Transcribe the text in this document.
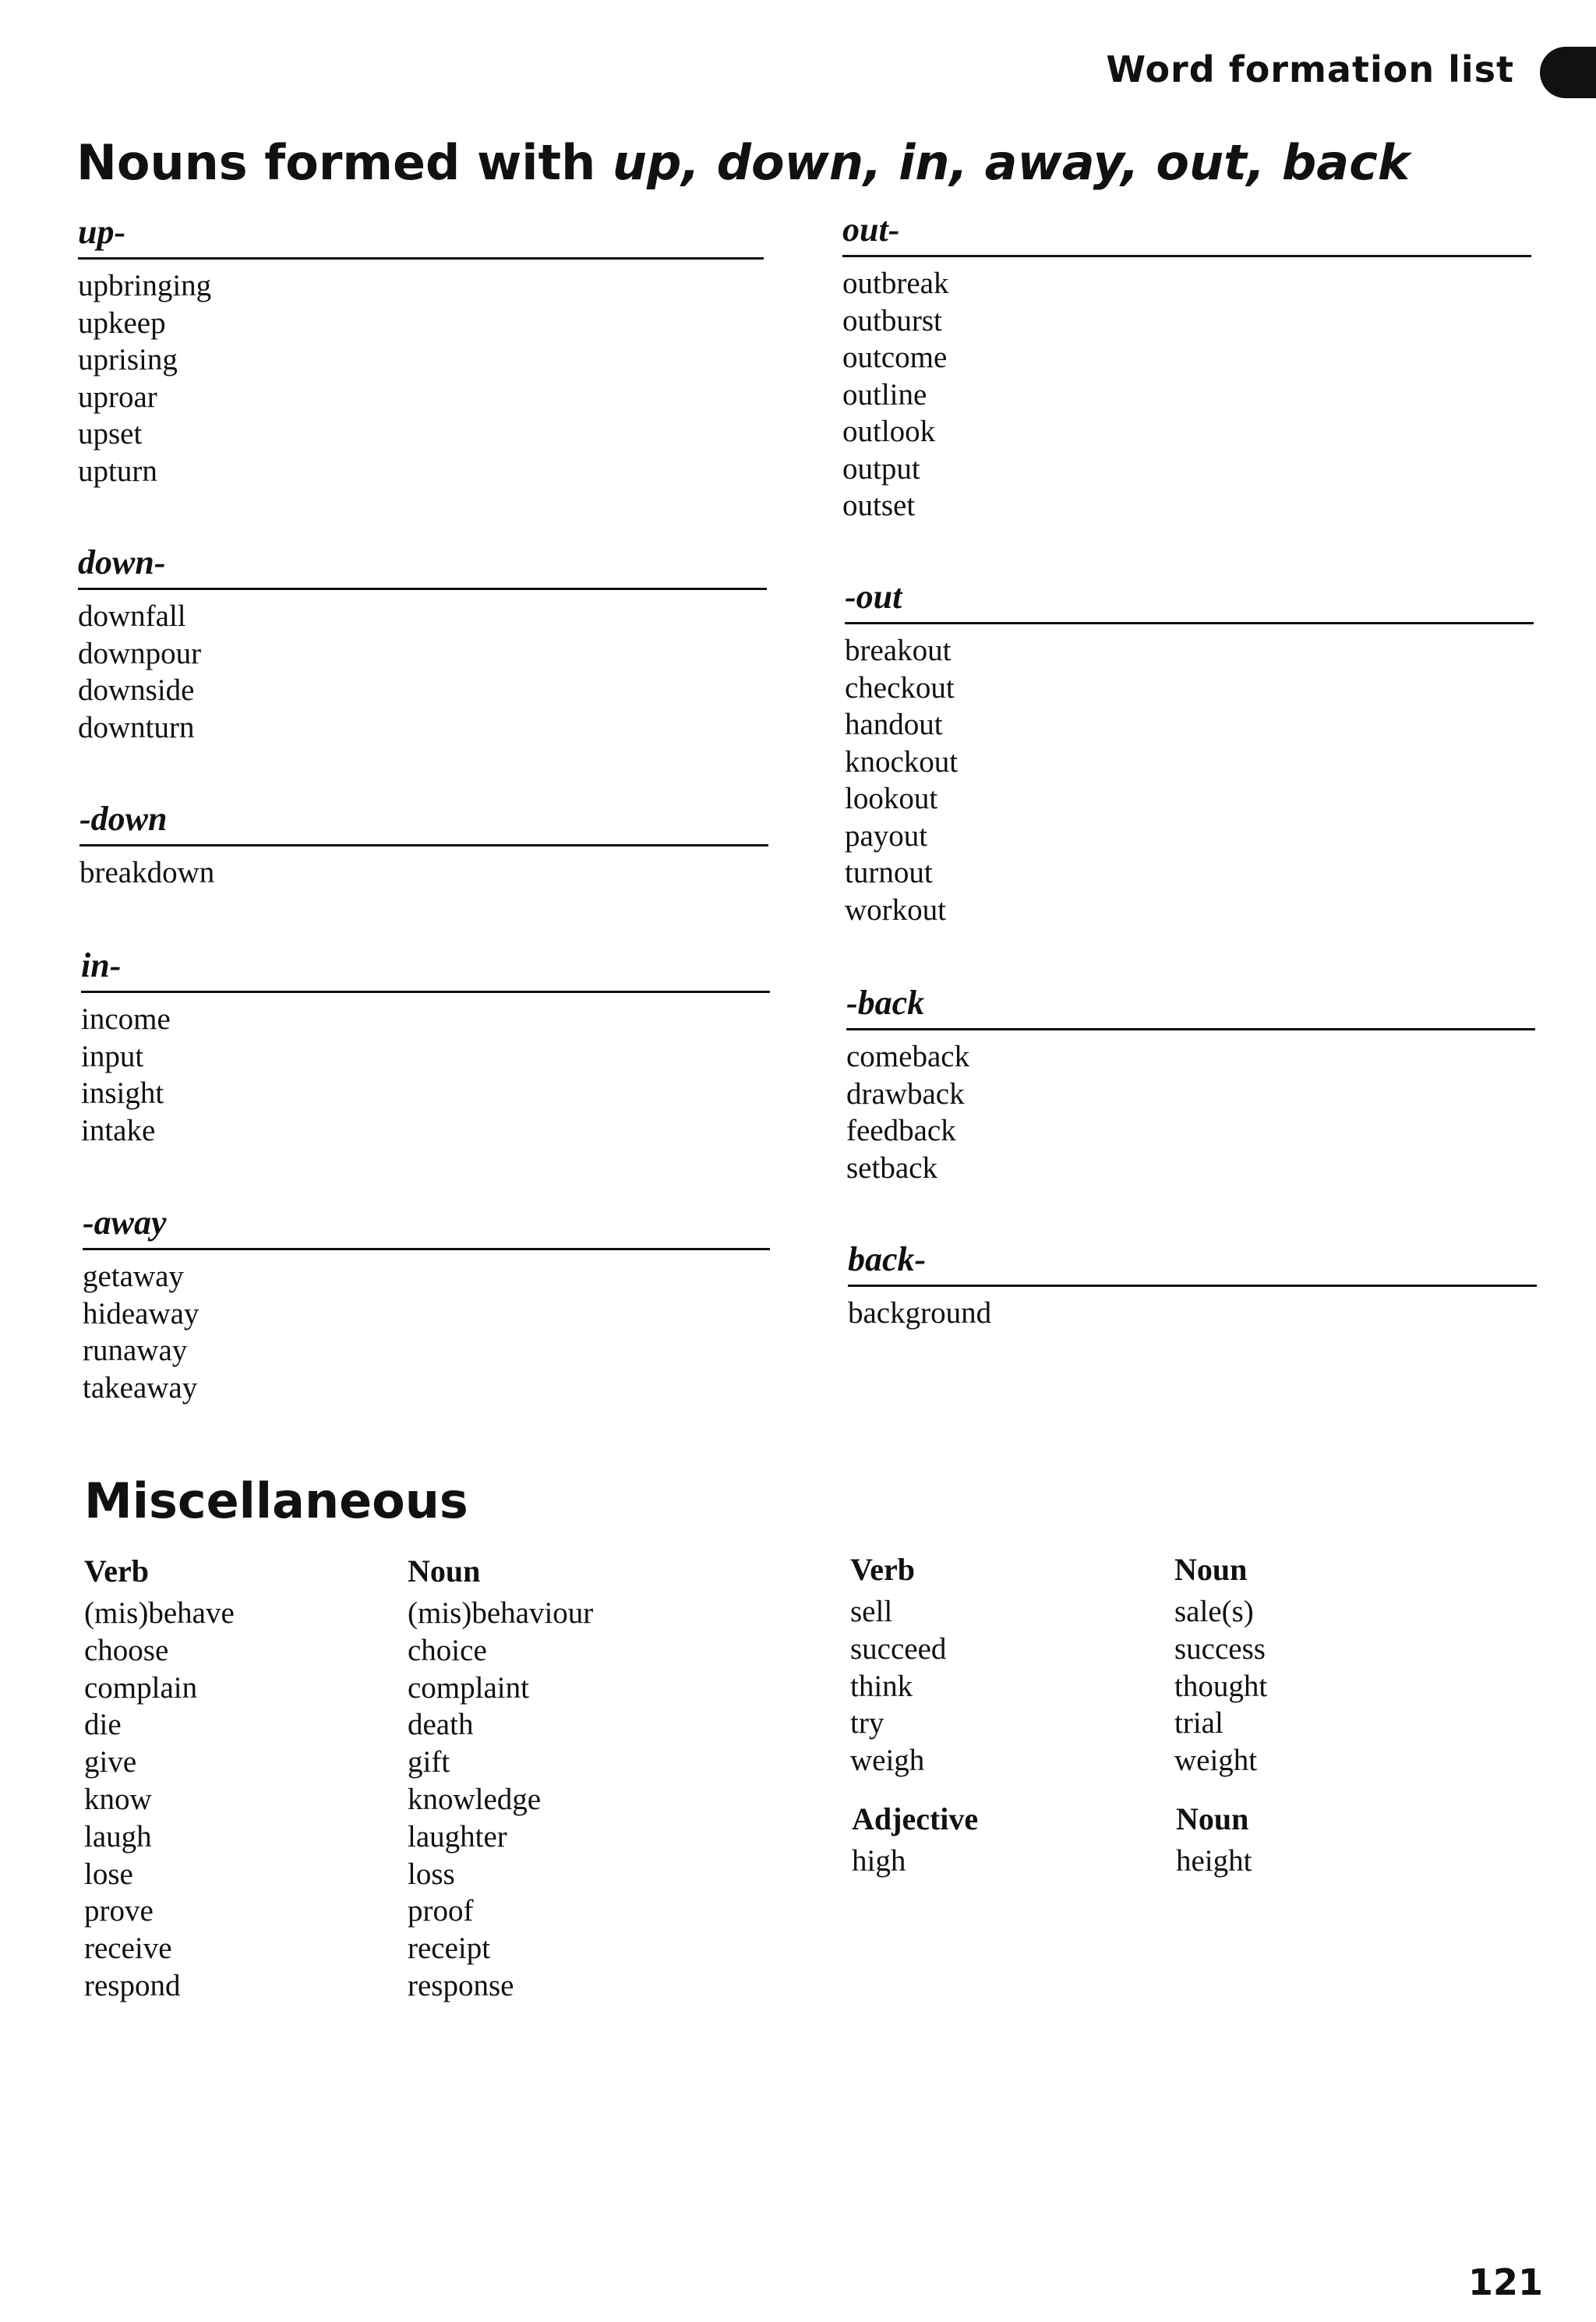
Word formation list
Nouns formed with up, down, in, away, out, back
up-
upbringing
upkeep
uprising
uproar
upset
upturn
down-
downfall
downpour
downside
downturn
-down
breakdown
in-
income
input
insight
intake
-away
getaway
hideaway
runaway
takeaway
out-
outbreak
outburst
outcome
outline
outlook
output
outset
-out
breakout
checkout
handout
knockout
lookout
payout
turnout
workout
-back
comeback
drawback
feedback
setback
back-
background
Miscellaneous
Verb
(mis)behave
choose
complain
die
give
know
laugh
lose
prove
receive
respond
Noun
(mis)behaviour
choice
complaint
death
gift
knowledge
laughter
loss
proof
receipt
response
Verb
sell
succeed
think
try
weigh
Noun
sale(s)
success
thought
trial
weight
Adjective
high
Noun
height
121
